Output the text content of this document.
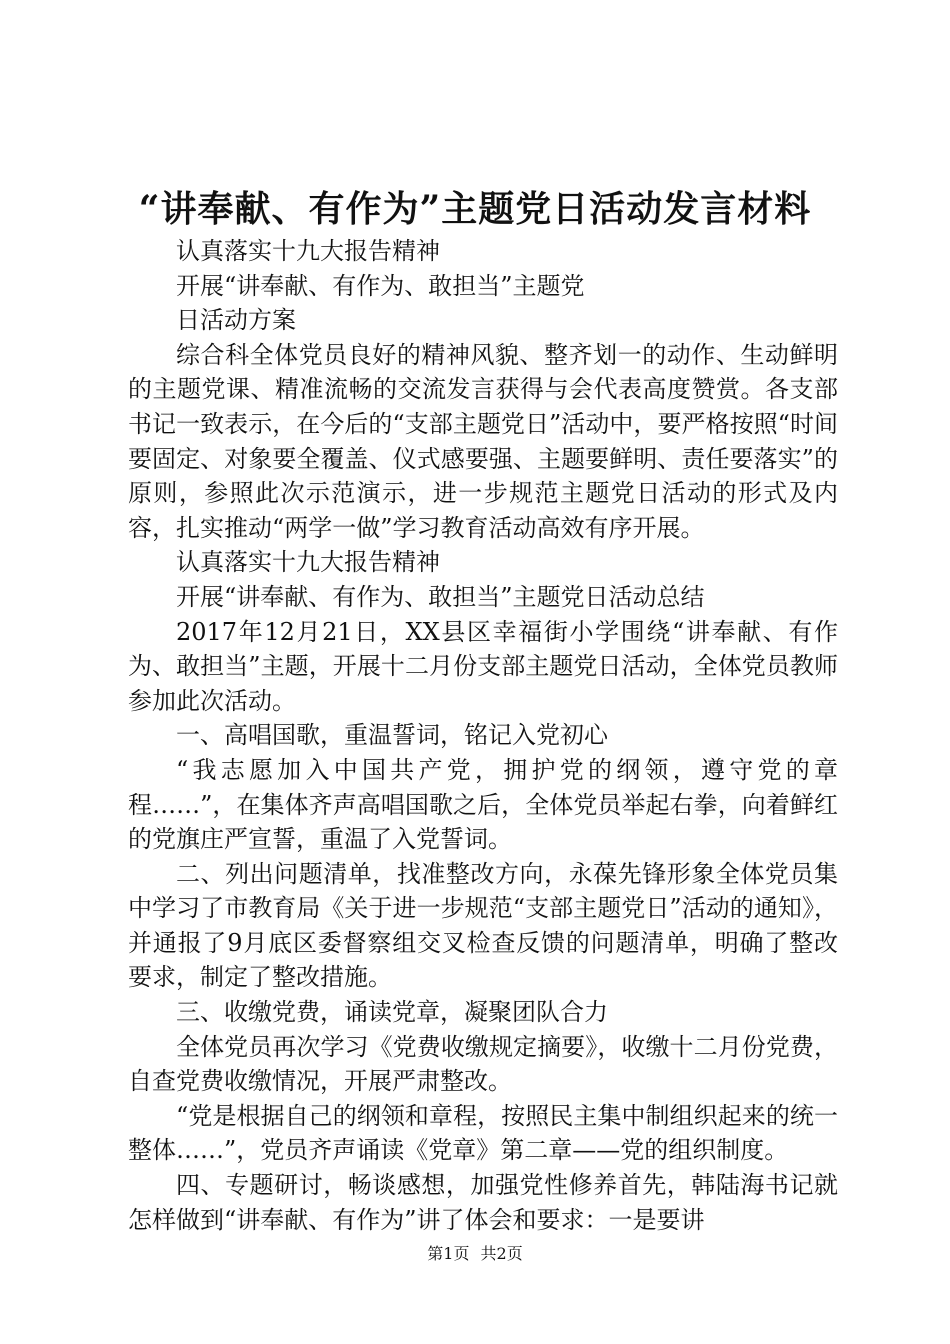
“讲奉献、有作为”主题党日活动发言材料

认真落实十九大报告精神

开展“讲奉献、有作为、敢担当”主题党

日活动方案

综合科全体党员良好的精神风貌、整齐划一的动作、生动鲜明的主题党课、精准流畅的交流发言获得与会代表高度赞赏。各支部书记一致表示，在今后的“支部主题党日”活动中，要严格按照“时间要固定、对象要全覆盖、仪式感要强、主题要鲜明、责任要落实”的原则，参照此次示范演示，进一步规范主题党日活动的形式及内容，扎实推动“两学一做”学习教育活动高效有序开展。

认真落实十九大报告精神

开展“讲奉献、有作为、敢担当”主题党日活动总结

2017年12月21日，XX县区幸福街小学围绕“讲奉献、有作为、敢担当”主题，开展十二月份支部主题党日活动，全体党员教师参加此次活动。

一、高唱国歌，重温誓词，铭记入党初心

“我志愿加入中国共产党，拥护党的纲领，遵守党的章程……”，在集体齐声高唱国歌之后，全体党员举起右拳，向着鲜红的党旗庄严宣誓，重温了入党誓词。

二、列出问题清单，找准整改方向，永葆先锋形象全体党员集中学习了市教育局《关于进一步规范“支部主题党日”活动的通知》，并通报了9月底区委督察组交叉检查反馈的问题清单，明确了整改要求，制定了整改措施。

三、收缴党费，诵读党章，凝聚团队合力

全体党员再次学习《党费收缴规定摘要》，收缴十二月份党费，自查党费收缴情况，开展严肃整改。

“党是根据自己的纲领和章程，按照民主集中制组织起来的统一整体……”，党员齐声诵读《党章》第二章——党的组织制度。

四、专题研讨，畅谈感想，加强党性修养首先，韩陆海书记就怎样做到“讲奉献、有作为”讲了体会和要求：一是要讲

第1页 共2页
